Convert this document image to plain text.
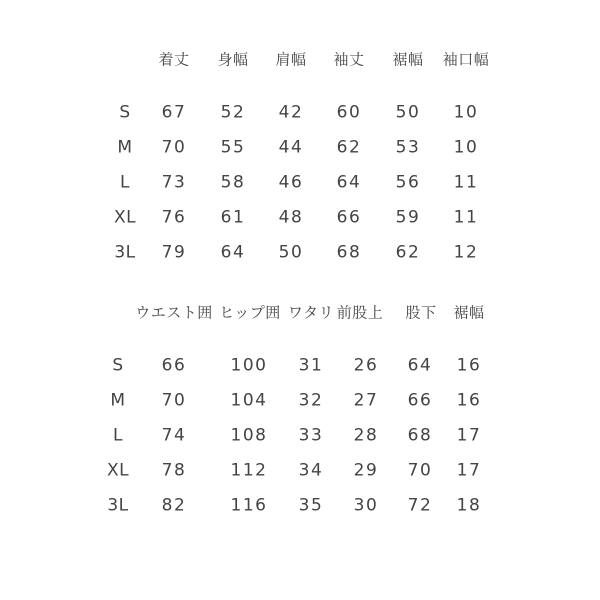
着丈 身幅 肩幅 袖丈 裾幅 袖口幅
S 67 52 42 60 50 10
M 70 55 44 62 53 10
L 73 58 46 64 56 11
XL 76 61 48 66 59 11
3L 79 64 50 68 62 12
ウエスト囲 ヒップ囲 ワタリ 前股上 股下 裾幅
S 66	100 31 26 64 16
M 70	104 32 27 66 16
L 74	108 33 28 68 17
XL 78	112 34 29 70 17
3L 82	116 35 30 72 18
